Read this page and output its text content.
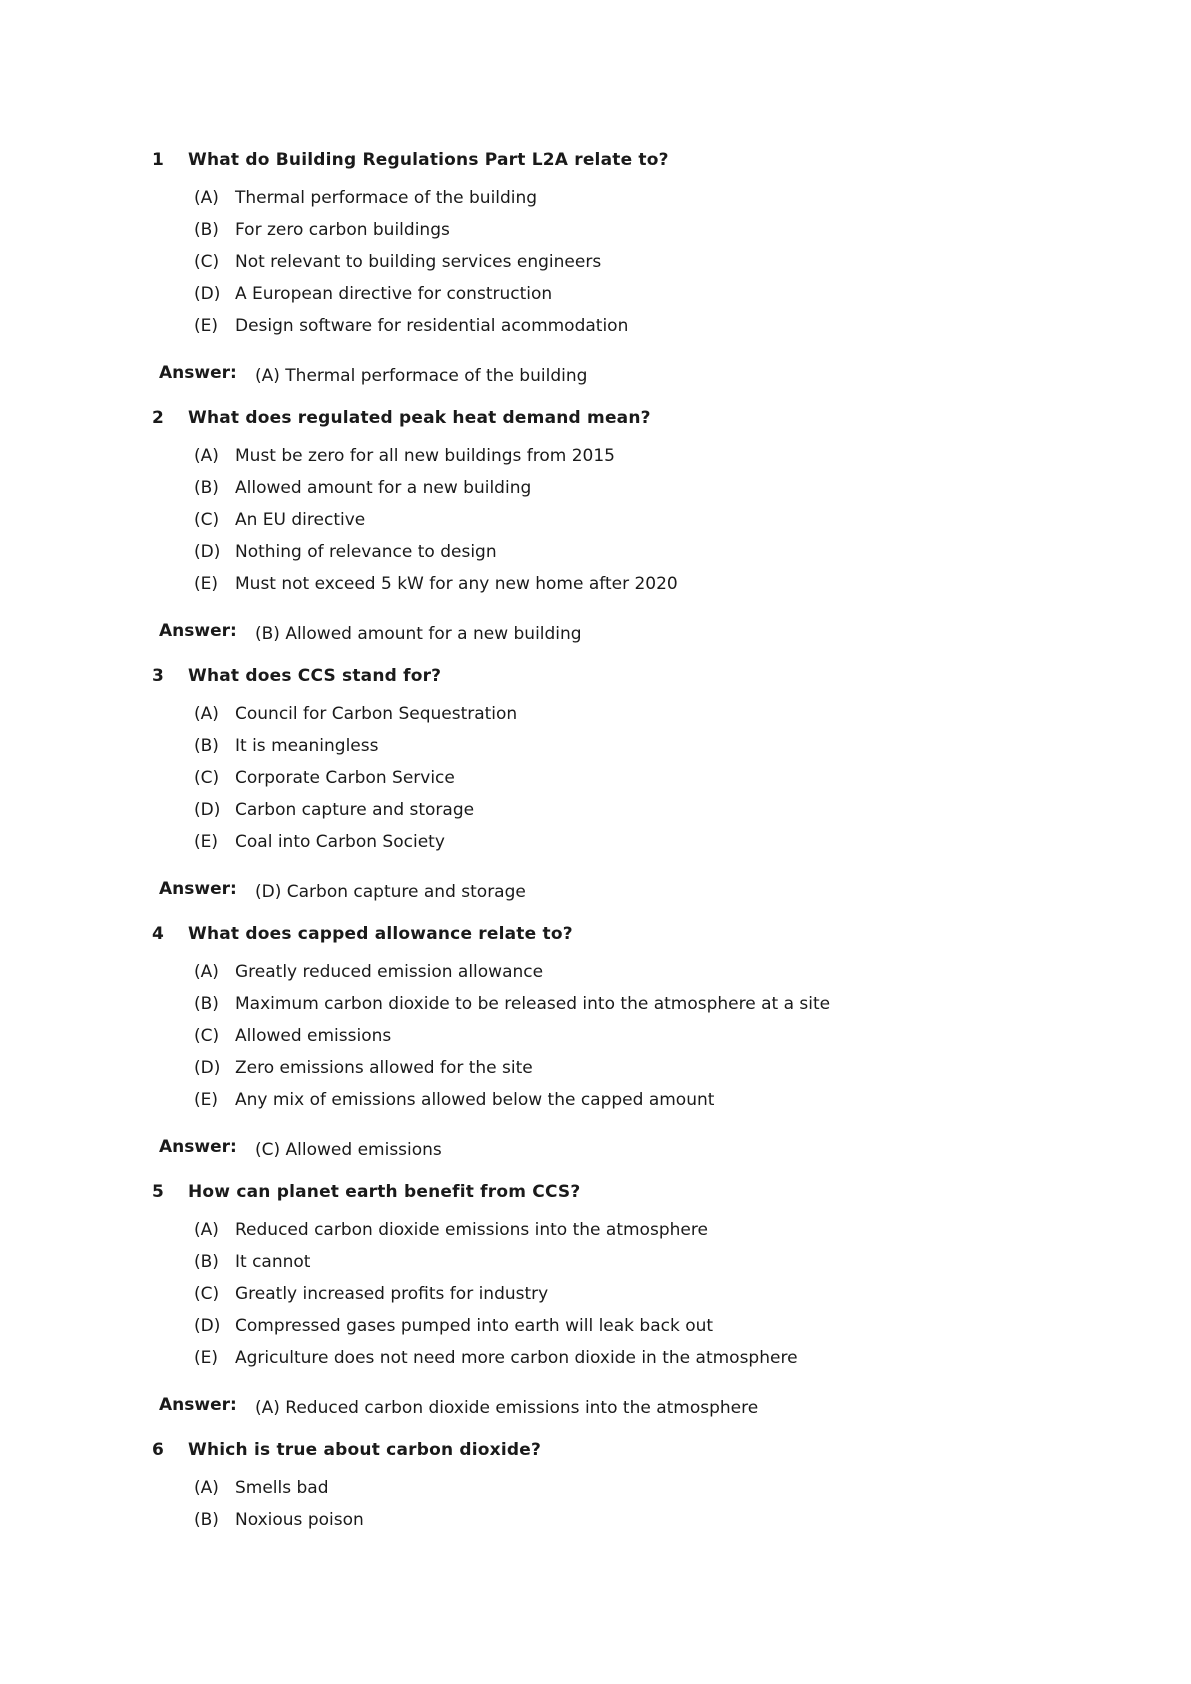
1	What do Building Regulations Part L2A relate to?
(A) Thermal performace of the building
(B) For zero carbon buildings
(C) Not relevant to building services engineers
(D) A European directive for construction
(E) Design software for residential acommodation
Answer:	(A) Thermal performace of the building
2	What does regulated peak heat demand mean?
(A) Must be zero for all new buildings from 2015
(B) Allowed amount for a new building
(C) An EU directive
(D) Nothing of relevance to design
(E) Must not exceed 5 kW for any new home after 2020
Answer:	(B) Allowed amount for a new building
3	What does CCS stand for?
(A) Council for Carbon Sequestration
(B) It is meaningless
(C) Corporate Carbon Service
(D) Carbon capture and storage
(E) Coal into Carbon Society
Answer:	(D) Carbon capture and storage
4	What does capped allowance relate to?
(A) Greatly reduced emission allowance
(B) Maximum carbon dioxide to be released into the atmosphere at a site
(C) Allowed emissions
(D) Zero emissions allowed for the site
(E) Any mix of emissions allowed below the capped amount
Answer:	(C) Allowed emissions
5	How can planet earth benefit from CCS?
(A) Reduced carbon dioxide emissions into the atmosphere
(B) It cannot
(C) Greatly increased profits for industry
(D) Compressed gases pumped into earth will leak back out
(E) Agriculture does not need more carbon dioxide in the atmosphere
Answer:	(A) Reduced carbon dioxide emissions into the atmosphere
6	Which is true about carbon dioxide?
(A) Smells bad
(B) Noxious poison
